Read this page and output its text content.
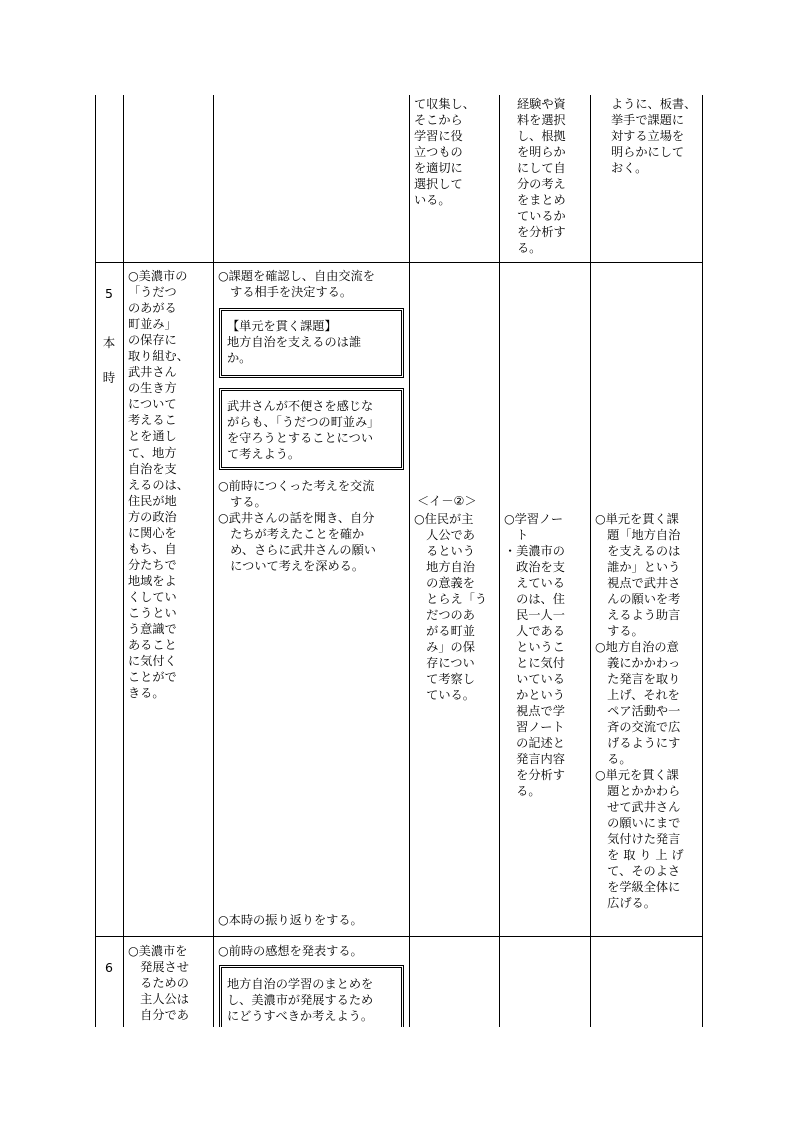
て収集し、
そこから
学習に役
立つもの
を適切に
選択して
いる。
経験や資
料を選択
し、根拠
を明らか
にして自
分の考え
をまとめ
ているか
を分析す
る。
ように、板書、
挙手で課題に
対する立場を
明らかにして
おく。
5
本
時
○美濃市の
「うだつ
のあがる
町並み」
の保存に
取り組む、
武井さん
の生き方
について
考えるこ
とを通し
て、地方
自治を支
えるのは、
住民が地
方の政治
に関心を
もち、自
分たちで
地域をよ
くしてい
こうとい
う意識で
あること
に気付く
ことがで
きる。
○課題を確認し、自由交流を
　する相手を決定する。
【単元を貫く課題】
地方自治を支えるのは誰
か。
武井さんが不便さを感じな
がらも、「うだつの町並み」
を守ろうとすることについ
て考えよう。
○前時につくった考えを交流
　する。
○武井さんの話を聞き、自分
　たちが考えたことを確か
　め、さらに武井さんの願い
　について考えを深める。
○本時の振り返りをする。
＜イ－②＞
○住民が主
　人公であ
　るという
　地方自治
　の意義を
　とらえ「う
　だつのあ
　がる町並
　み」の保
　存につい
　て考察し
　ている。
○学習ノー
　ト
・美濃市の
　政治を支
　えている
　のは、住
　民一人一
　人である
　というこ
　とに気付
　いている
　かという
　視点で学
　習ノート
　の記述と
　発言内容
　を分析す
　る。
○単元を貫く課
　題「地方自治
　を支えるのは
　誰か」という
　視点で武井さ
　んの願いを考
　えるよう助言
　する。
○地方自治の意
　義にかかわっ
　た発言を取り
　上げ、それを
　ペア活動や一
　斉の交流で広
　げるようにす
　る。
○単元を貫く課
　題とかかわら
　せて武井さん
　の願いにまで
　気付けた発言
　を 取 り 上 げ
　て、そのよさ
　を学級全体に
　広げる。
6
○美濃市を
　発展させ
　るための
　主人公は
　自分であ
○前時の感想を発表する。
地方自治の学習のまとめを
し、美濃市が発展するため
にどうすべきか考えよう。
